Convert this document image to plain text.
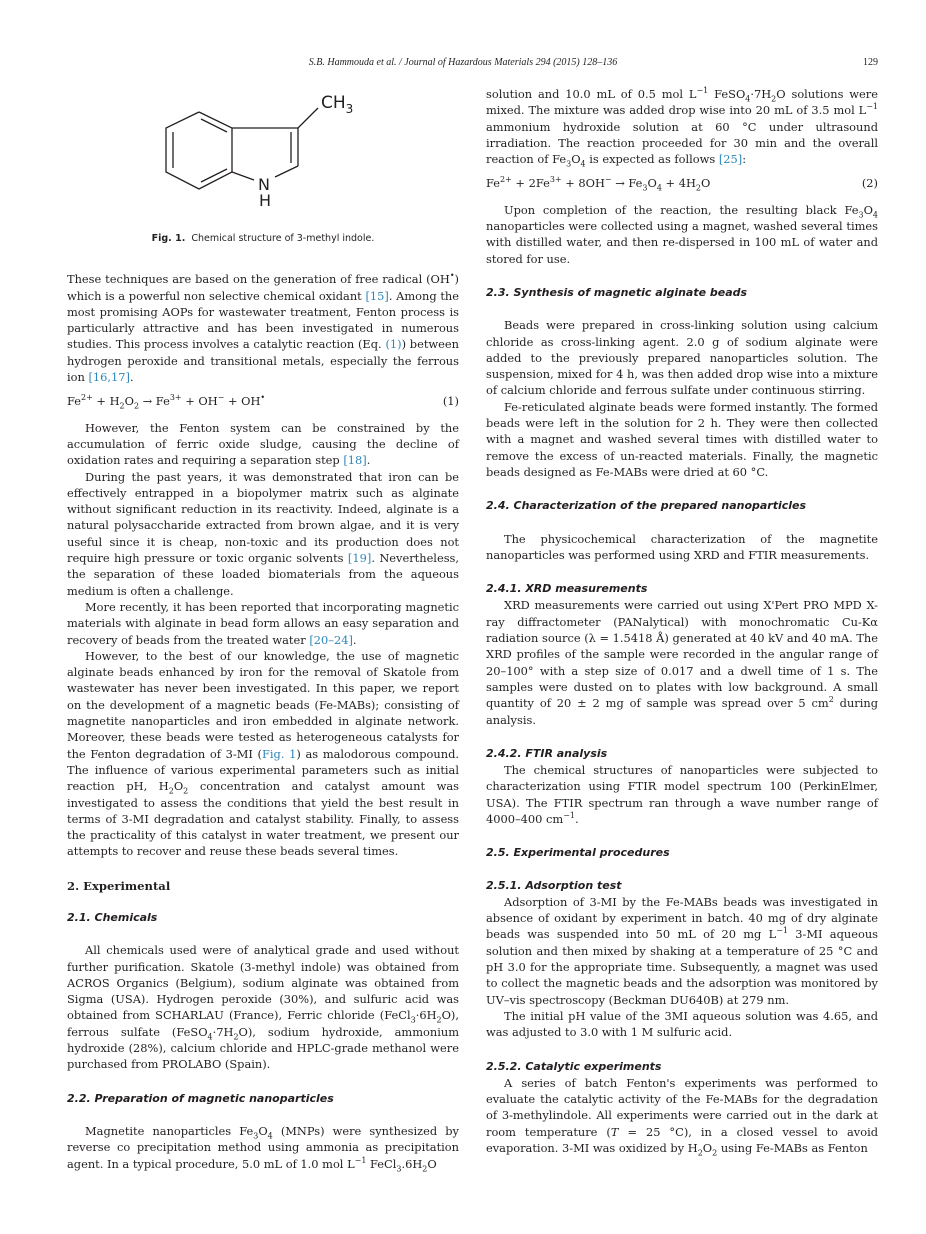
S.B. Hammouda et al. / Journal of Hazardous Materials 294 (2015) 128–136	129
$CH_3$
N
H
Fig. 1. Chemical structure of 3-methyl indole.

These techniques are based on the generation of free radical (OH•) which is a powerful non selective chemical oxidant [15]. Among the most promising AOPs for wastewater treatment, Fenton process is particularly attractive and has been investigated in numerous studies. This process involves a catalytic reaction (Eq. (1)) between hydrogen peroxide and transitional metals, especially the ferrous ion [16,17].

$Fe^{2+} + H_2O_2 \to Fe^{3+} + OH^- + OH^•$	(1)

However, the Fenton system can be constrained by the accumulation of ferric oxide sludge, causing the decline of oxidation rates and requiring a separation step [18].

During the past years, it was demonstrated that iron can be effectively entrapped in a biopolymer matrix such as alginate without significant reduction in its reactivity. Indeed, alginate is a natural polysaccharide extracted from brown algae, and it is very useful since it is cheap, non-toxic and its production does not require high pressure or toxic organic solvents [19]. Nevertheless, the separation of these loaded biomaterials from the aqueous medium is often a challenge.

More recently, it has been reported that incorporating magnetic materials with alginate in bead form allows an easy separation and recovery of beads from the treated water [20–24].

However, to the best of our knowledge, the use of magnetic alginate beads enhanced by iron for the removal of Skatole from wastewater has never been investigated. In this paper, we report on the development of a magnetic beads (Fe-MABs); consisting of magnetite nanoparticles and iron embedded in alginate network. Moreover, these beads were tested as heterogeneous catalysts for the Fenton degradation of 3-MI (Fig. 1) as malodorous compound. The influence of various experimental parameters such as initial reaction pH, $H_2O_2$ concentration and catalyst amount was investigated to assess the conditions that yield the best result in terms of 3-MI degradation and catalyst stability. Finally, to assess the practicality of this catalyst in water treatment, we present our attempts to recover and reuse these beads several times.

2. Experimental
2.1. Chemicals

All chemicals used were of analytical grade and used without further purification. Skatole (3-methyl indole) was obtained from ACROS Organics (Belgium), sodium alginate was obtained from Sigma (USA). Hydrogen peroxide (30%), and sulfuric acid was obtained from SCHARLAU (France), Ferric chloride $(FeCl_3\cdot 6H_2O)$, ferrous sulfate $(FeSO_4\cdot 7H_2O)$, sodium hydroxide, ammonium hydroxide (28%), calcium chloride and HPLC-grade methanol were purchased from PROLABO (Spain).

2.2. Preparation of magnetic nanoparticles

Magnetite nanoparticles $Fe_3O_4$ (MNPs) were synthesized by reverse co precipitation method using ammonia as precipitation agent. In a typical procedure, 5.0 mL of 1.0 mol $L^{-1}$ $FeCl_3.6H_2O$

solution and 10.0 mL of 0.5 mol $L^{-1}$ $FeSO_4\cdot 7H_2O$ solutions were mixed. The mixture was added drop wise into 20 mL of 3.5 mol $L^{-1}$ ammonium hydroxide solution at 60 °C under ultrasound irradiation. The reaction proceeded for 30 min and the overall reaction of $Fe_3O_4$ is expected as follows [25]:

$Fe^{2+} + 2Fe^{3+} + 8OH^- \to Fe_3O_4 + 4H_2O$	(2)

Upon completion of the reaction, the resulting black $Fe_3O_4$ nanoparticles were collected using a magnet, washed several times with distilled water, and then re-dispersed in 100 mL of water and stored for use.

2.3. Synthesis of magnetic alginate beads

Beads were prepared in cross-linking solution using calcium chloride as cross-linking agent. 2.0 g of sodium alginate were added to the previously prepared nanoparticles solution. The suspension, mixed for 4 h, was then added drop wise into a mixture of calcium chloride and ferrous sulfate under continuous stirring.

Fe-reticulated alginate beads were formed instantly. The formed beads were left in the solution for 2 h. They were then collected with a magnet and washed several times with distilled water to remove the excess of un-reacted materials. Finally, the magnetic beads designed as Fe-MABs were dried at 60 °C.

2.4. Characterization of the prepared nanoparticles

The physicochemical characterization of the magnetite nanoparticles was performed using XRD and FTIR measurements.

2.4.1. XRD measurements

XRD measurements were carried out using X'Pert PRO MPD X-ray diffractometer (PANalytical) with monochromatic Cu-Kα radiation source (λ = 1.5418 Å) generated at 40 kV and 40 mA. The XRD profiles of the sample were recorded in the angular range of 20–100° with a step size of 0.017 and a dwell time of 1 s. The samples were dusted on to plates with low background. A small quantity of 20 ± 2 mg of sample was spread over 5 $cm^2$ during analysis.

2.4.2. FTIR analysis

The chemical structures of nanoparticles were subjected to characterization using FTIR model spectrum 100 (PerkinElmer, USA). The FTIR spectrum ran through a wave number range of 4000–400 $cm^{-1}$.

2.5. Experimental procedures
2.5.1. Adsorption test

Adsorption of 3-MI by the Fe-MABs beads was investigated in absence of oxidant by experiment in batch. 40 mg of dry alginate beads was suspended into 50 mL of 20 mg $L^{-1}$ 3-MI aqueous solution and then mixed by shaking at a temperature of 25 °C and pH 3.0 for the appropriate time. Subsequently, a magnet was used to collect the magnetic beads and the adsorption was monitored by UV–vis spectroscopy (Beckman DU640B) at 279 nm.

The initial pH value of the 3MI aqueous solution was 4.65, and was adjusted to 3.0 with 1 M sulfuric acid.

2.5.2. Catalytic experiments

A series of batch Fenton's experiments was performed to evaluate the catalytic activity of the Fe-MABs for the degradation of 3-methylindole. All experiments were carried out in the dark at room temperature (T = 25 °C), in a closed vessel to avoid evaporation. 3-MI was oxidized by $H_2O_2$ using Fe-MABs as Fenton
